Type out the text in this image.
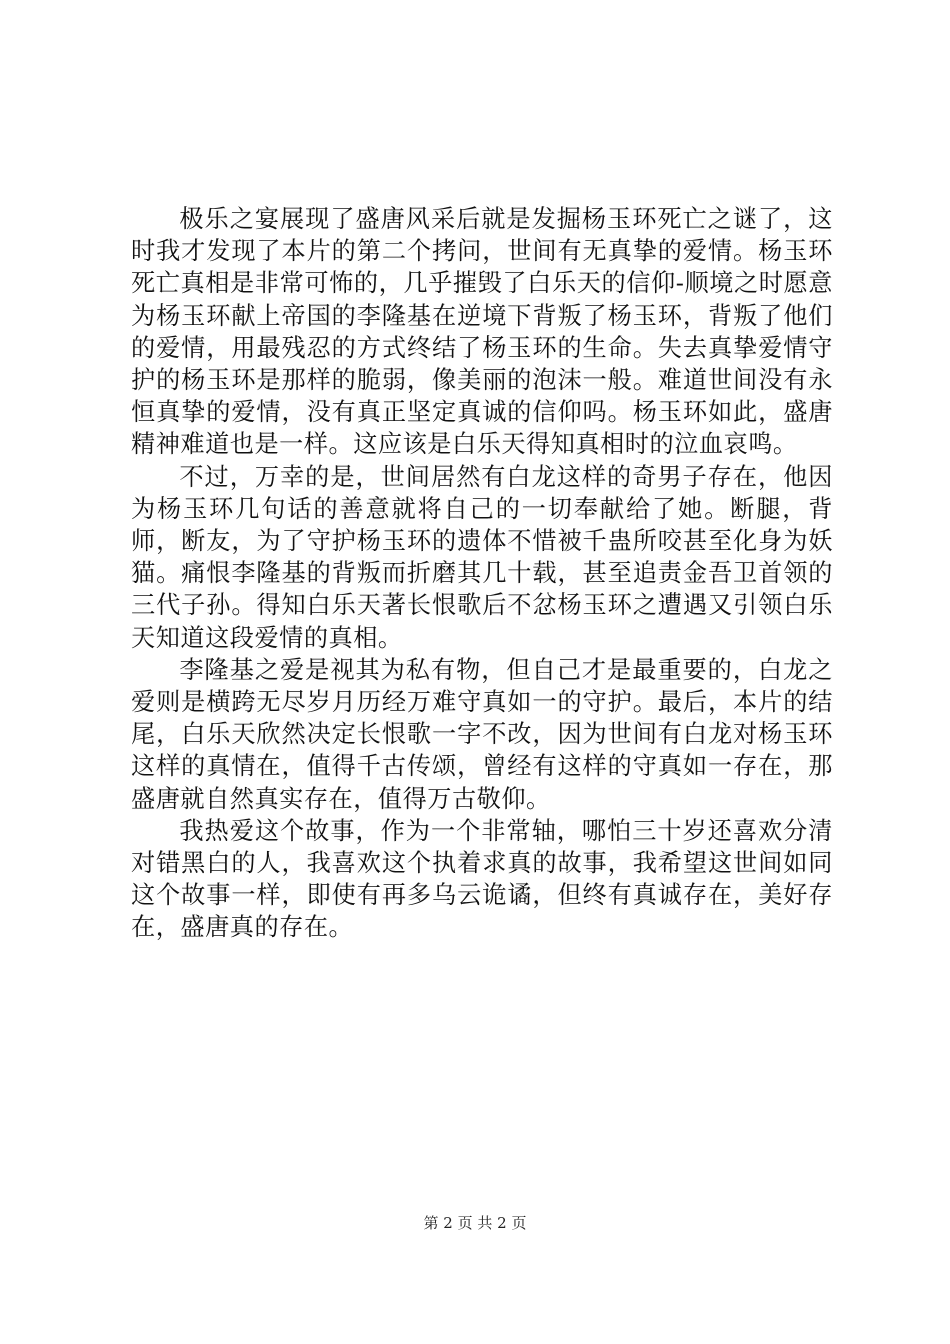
极乐之宴展现了盛唐风采后就是发掘杨玉环死亡之谜了，这时我才发现了本片的第二个拷问，世间有无真挚的爱情。杨玉环死亡真相是非常可怖的，几乎摧毁了白乐天的信仰-顺境之时愿意为杨玉环献上帝国的李隆基在逆境下背叛了杨玉环，背叛了他们的爱情，用最残忍的方式终结了杨玉环的生命。失去真挚爱情守护的杨玉环是那样的脆弱，像美丽的泡沫一般。难道世间没有永恒真挚的爱情，没有真正坚定真诚的信仰吗。杨玉环如此，盛唐精神难道也是一样。这应该是白乐天得知真相时的泣血哀鸣。

不过，万幸的是，世间居然有白龙这样的奇男子存在，他因为杨玉环几句话的善意就将自己的一切奉献给了她。断腿，背师，断友，为了守护杨玉环的遗体不惜被千蛊所咬甚至化身为妖猫。痛恨李隆基的背叛而折磨其几十载，甚至追责金吾卫首领的三代子孙。得知白乐天著长恨歌后不忿杨玉环之遭遇又引领白乐天知道这段爱情的真相。

李隆基之爱是视其为私有物，但自己才是最重要的，白龙之爱则是横跨无尽岁月历经万难守真如一的守护。最后，本片的结尾，白乐天欣然决定长恨歌一字不改，因为世间有白龙对杨玉环这样的真情在，值得千古传颂，曾经有这样的守真如一存在，那盛唐就自然真实存在，值得万古敬仰。

我热爱这个故事，作为一个非常轴，哪怕三十岁还喜欢分清对错黑白的人，我喜欢这个执着求真的故事，我希望这世间如同这个故事一样，即使有再多乌云诡谲，但终有真诚存在，美好存在，盛唐真的存在。

第 2 页 共 2 页
